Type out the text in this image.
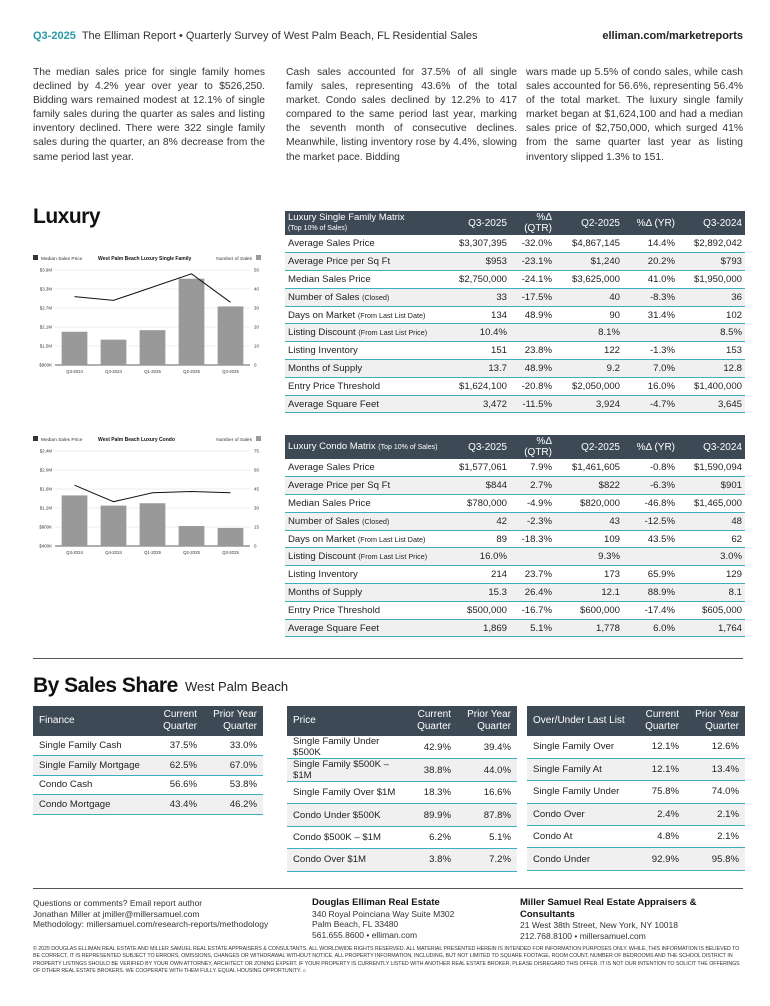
Q3-2025 The Elliman Report • Quarterly Survey of West Palm Beach, FL Residential Sales	elliman.com/marketreports
The median sales price for single family homes declined by 4.2% year over year to $526,250. Bidding wars remained modest at 12.1% of single family sales during the quarter as sales and listing inventory declined. There were 322 single family sales during the quarter, an 8% decrease from the same period last year.
Cash sales accounted for 37.5% of all single family sales, representing 43.6% of the total market. Condo sales declined by 12.2% to 417 compared to the same period last year, marking the seventh month of consecutive declines. Meanwhile, listing inventory rose by 4.4%, slowing the market pace. Bidding
wars made up 5.5% of condo sales, while cash sales accounted for 56.6%, representing 56.4% of the total market. The luxury single family market began at $1,624,100 and had a median sales price of $2,750,000, which surged 41% from the same quarter last year as listing inventory slipped 1.3% to 151.
Luxury
Median Sales Price	West Palm Beach Luxury Single Family	Number of Sales
$900K	0
$1.5M	10
$2.1M	20
$2.7M	30
$3.3M	40
$3.9M	50
Q3-2024	Q4-2024	Q1-2025	Q2-2025	Q3-2025
Median Sales Price	West Palm Beach Luxury Condo	Number of Sales
$400K	0
$800K	15
$1.2M	30
$1.6M	45
$2.0M	60
$2.4M	75
Q3-2024	Q4-2024	Q1-2025	Q2-2025	Q3-2025
Luxury Single Family Matrix
(Top 10% of Sales)	Q3-2025	%Δ (QTR)	Q2-2025	%Δ (YR)	Q3-2024
Average Sales Price	$3,307,395	-32.0%	$4,867,145	14.4%	$2,892,042
Average Price per Sq Ft	$953	-23.1%	$1,240	20.2%	$793
Median Sales Price	$2,750,000	-24.1%	$3,625,000	41.0%	$1,950,000
Number of Sales (Closed)	33	-17.5%	40	-8.3%	36
Days on Market (From Last List Date)	134	48.9%	90	31.4%	102
Listing Discount (From Last List Price)	10.4%		8.1%		8.5%
Listing Inventory	151	23.8%	122	-1.3%	153
Months of Supply	13.7	48.9%	9.2	7.0%	12.8
Entry Price Threshold	$1,624,100	-20.8%	$2,050,000	16.0%	$1,400,000
Average Square Feet	3,472	-11.5%	3,924	-4.7%	3,645
Luxury Condo Matrix (Top 10% of Sales)	Q3-2025	%Δ (QTR)	Q2-2025	%Δ (YR)	Q3-2024
Average Sales Price	$1,577,061	7.9%	$1,461,605	-0.8%	$1,590,094
Average Price per Sq Ft	$844	2.7%	$822	-6.3%	$901
Median Sales Price	$780,000	-4.9%	$820,000	-46.8%	$1,465,000
Number of Sales (Closed)	42	-2.3%	43	-12.5%	48
Days on Market (From Last List Date)	89	-18.3%	109	43.5%	62
Listing Discount (From Last List Price)	16.0%		9.3%		3.0%
Listing Inventory	214	23.7%	173	65.9%	129
Months of Supply	15.3	26.4%	12.1	88.9%	8.1
Entry Price Threshold	$500,000	-16.7%	$600,000	-17.4%	$605,000
Average Square Feet	1,869	5.1%	1,778	6.0%	1,764
By Sales Share West Palm Beach
Finance	Current Quarter	Prior Year Quarter
Single Family Cash	37.5%	33.0%
Single Family Mortgage	62.5%	67.0%
Condo Cash	56.6%	53.8%
Condo Mortgage	43.4%	46.2%
Price	Current Quarter	Prior Year Quarter
Single Family Under $500K	42.9%	39.4%
Single Family $500K – $1M	38.8%	44.0%
Single Family Over $1M	18.3%	16.6%
Condo Under $500K	89.9%	87.8%
Condo $500K – $1M	6.2%	5.1%
Condo Over $1M	3.8%	7.2%
Over/Under Last List	Current Quarter	Prior Year Quarter
Single Family Over	12.1%	12.6%
Single Family At	12.1%	13.4%
Single Family Under	75.8%	74.0%
Condo Over	2.4%	2.1%
Condo At	4.8%	2.1%
Condo Under	92.9%	95.8%
Questions or comments? Email report author
Jonathan Miller at jmiller@millersamuel.com
Methodology: millersamuel.com/research-reports/methodology
Douglas Elliman Real Estate
340 Royal Poinciana Way Suite M302
Palm Beach, FL 33480
561.655.8600 • elliman.com
Miller Samuel Real Estate Appraisers & Consultants
21 West 38th Street, New York, NY 10018
212.768.8100 • millersamuel.com
© 2025 DOUGLAS ELLIMAN REAL ESTATE AND MILLER SAMUEL REAL ESTATE APPRAISERS & CONSULTANTS. ALL WORLDWIDE RIGHTS RESERVED. ALL MATERIAL PRESENTED HEREIN IS INTENDED FOR INFORMATION PURPOSES ONLY. WHILE, THIS INFORMATION IS BELIEVED TO BE CORRECT, IT IS REPRESENTED SUBJECT TO ERRORS, OMISSIONS, CHANGES OR WITHDRAWAL WITHOUT NOTICE. ALL PROPERTY INFORMATION, INCLUDING, BUT NOT LIMITED TO SQUARE FOOTAGE, ROOM COUNT, NUMBER OF BEDROOMS AND THE SCHOOL DISTRICT IN PROPERTY LISTINGS SHOULD BE VERIFIED BY YOUR OWN ATTORNEY, ARCHITECT OR ZONING EXPERT. IF YOUR PROPERTY IS CURRENTLY LISTED WITH ANOTHER REAL ESTATE BROKER, PLEASE DISREGARD THIS OFFER. IT IS NOT OUR INTENTION TO SOLICIT THE OFFERINGS OF OTHER REAL ESTATE BROKERS. WE COOPERATE WITH THEM FULLY. EQUAL HOUSING OPPORTUNITY. ⌂
